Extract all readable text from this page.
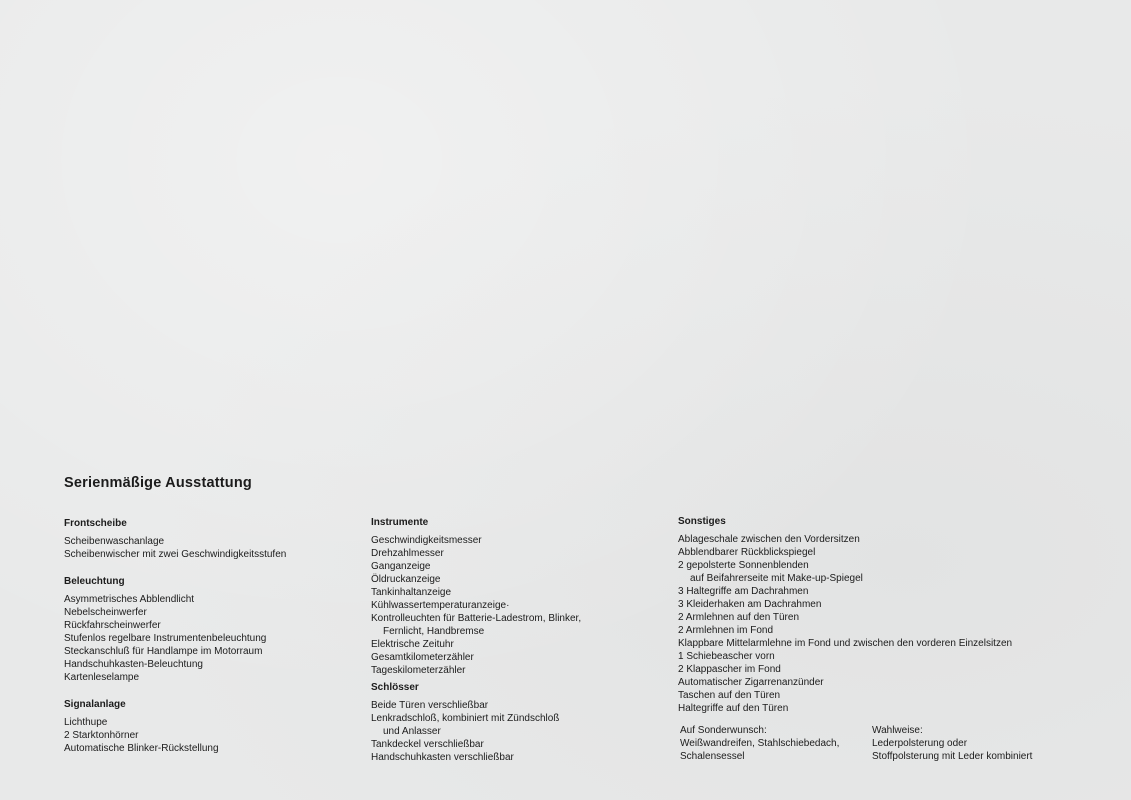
Serienmäßige Ausstattung
Frontscheibe
Scheibenwaschanlage
Scheibenwischer mit zwei Geschwindigkeitsstufen
Beleuchtung
Asymmetrisches Abblendlicht
Nebelscheinwerfer
Rückfahrscheinwerfer
Stufenlos regelbare Instrumentenbeleuchtung
Steckanschluß für Handlampe im Motorraum
Handschuhkasten-Beleuchtung
Kartenleselampe
Signalanlage
Lichthupe
2 Starktonhörner
Automatische Blinker-Rückstellung
Instrumente
Geschwindigkeitsmesser
Drehzahlmesser
Ganganzeige
Öldruckanzeige
Tankinhaltanzeige
Kühlwassertemperaturanzeige·
Kontrolleuchten für Batterie-Ladestrom, Blinker,
Fernlicht, Handbremse
Elektrische Zeituhr
Gesamtkilometerzähler
Tageskilometerzähler
Schlösser
Beide Türen verschließbar
Lenkradschloß, kombiniert mit Zündschloß
und Anlasser
Tankdeckel verschließbar
Handschuhkasten verschließbar
Sonstiges
Ablageschale zwischen den Vordersitzen
Abblendbarer Rückblickspiegel
2 gepolsterte Sonnenblenden
auf Beifahrerseite mit Make-up-Spiegel
3 Haltegriffe am Dachrahmen
3 Kleiderhaken am Dachrahmen
2 Armlehnen auf den Türen
2 Armlehnen im Fond
Klappbare Mittelarmlehne im Fond und zwischen den vorderen Einzelsitzen
1 Schiebeascher vorn
2 Klappascher im Fond
Automatischer Zigarrenanzünder
Taschen auf den Türen
Haltegriffe auf den Türen
Auf Sonderwunsch:
Weißwandreifen, Stahlschiebedach,
Schalensessel
Wahlweise:
Lederpolsterung oder
Stoffpolsterung mit Leder kombiniert
